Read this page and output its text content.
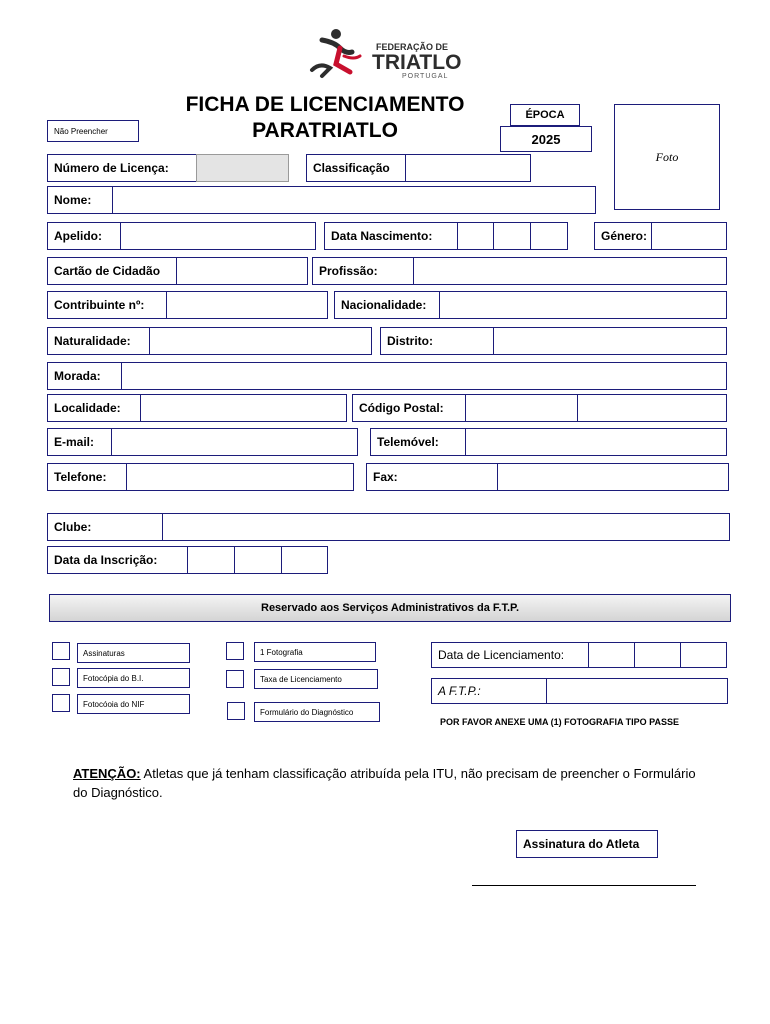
FEDERAÇÃO DE
TRIATLO
PORTUGAL
FICHA DE LICENCIAMENTO
PARATRIATLO
Não Preencher
ÉPOCA
2025
Foto
Número de Licença:	Classificação
Nome:
Apelido:	Data Nascimento:	Género:
Cartão de Cidadão	Profissão:
Contribuinte nº:	Nacionalidade:
Naturalidade:	Distrito:
Morada:
Localidade:	Código Postal:
E-mail:	Telemóvel:
Telefone:	Fax:
Clube:
Data da Inscrição:
Reservado aos Serviços Administrativos da F.T.P.
Assinaturas
Fotocópia do B.I.
Fotocóoia do NIF
1 Fotografia
Taxa de Licenciamento
Formulário do Diagnóstico
Data de Licenciamento:
A F.T.P.:
POR FAVOR ANEXE UMA (1) FOTOGRAFIA TIPO PASSE
ATENÇÃO: Atletas que já tenham classificação atribuída pela ITU, não precisam de preencher o Formulário do Diagnóstico.
Assinatura do Atleta
